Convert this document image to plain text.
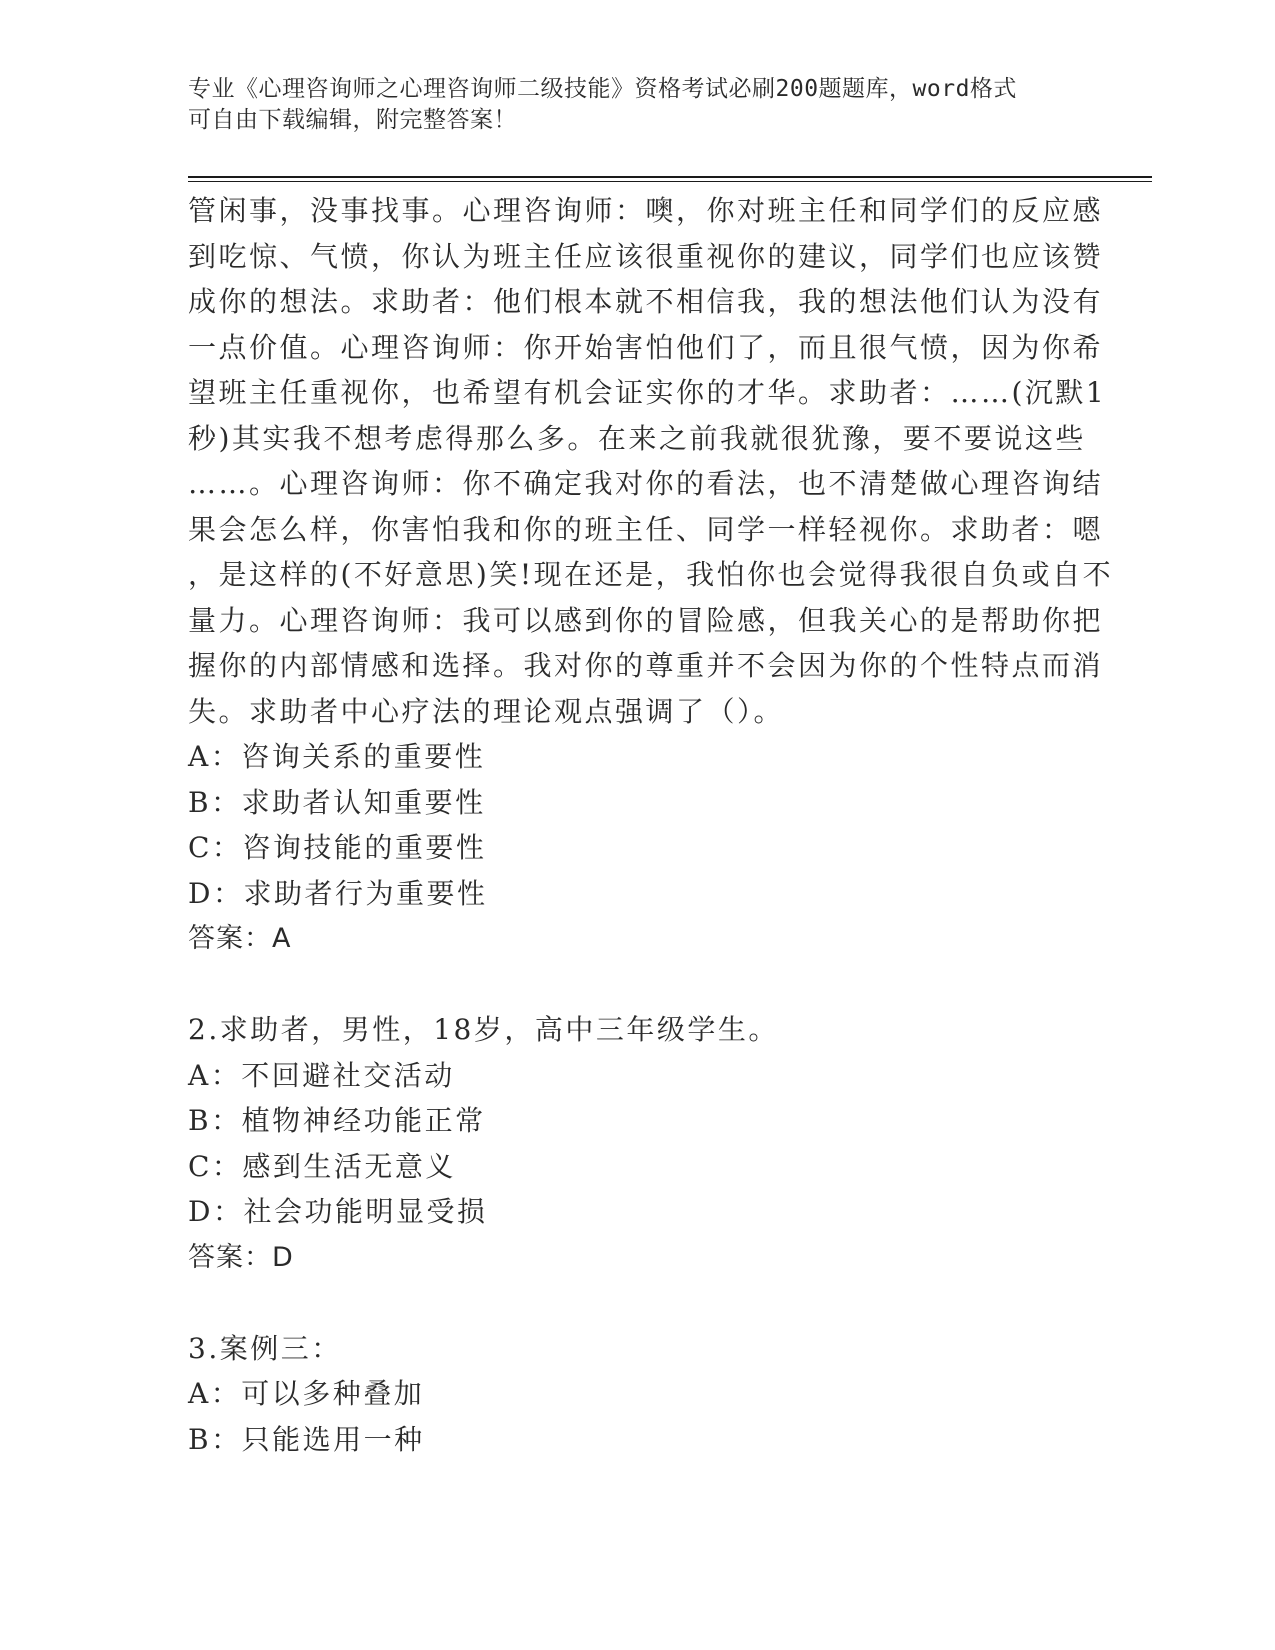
专业《心理咨询师之心理咨询师二级技能》资格考试必刷200题题库，word格式
可自由下载编辑，附完整答案！
管闲事，没事找事。心理咨询师：噢，你对班主任和同学们的反应感
到吃惊、气愤，你认为班主任应该很重视你的建议，同学们也应该赞
成你的想法。求助者：他们根本就不相信我，我的想法他们认为没有
一点价值。心理咨询师：你开始害怕他们了，而且很气愤，因为你希
望班主任重视你，也希望有机会证实你的才华。求助者：……(沉默1
秒)其实我不想考虑得那么多。在来之前我就很犹豫，要不要说这些
……。心理咨询师：你不确定我对你的看法，也不清楚做心理咨询结
果会怎么样，你害怕我和你的班主任、同学一样轻视你。求助者：嗯
，是这样的(不好意思)笑!现在还是，我怕你也会觉得我很自负或自不
量力。心理咨询师：我可以感到你的冒险感，但我关心的是帮助你把
握你的内部情感和选择。我对你的尊重并不会因为你的个性特点而消
失。求助者中心疗法的理论观点强调了（）。
A：咨询关系的重要性
B：求助者认知重要性
C：咨询技能的重要性
D：求助者行为重要性
答案：A
2.求助者，男性，18岁，高中三年级学生。
A：不回避社交活动
B：植物神经功能正常
C：感到生活无意义
D：社会功能明显受损
答案：D
3.案例三：
A：可以多种叠加
B：只能选用一种
